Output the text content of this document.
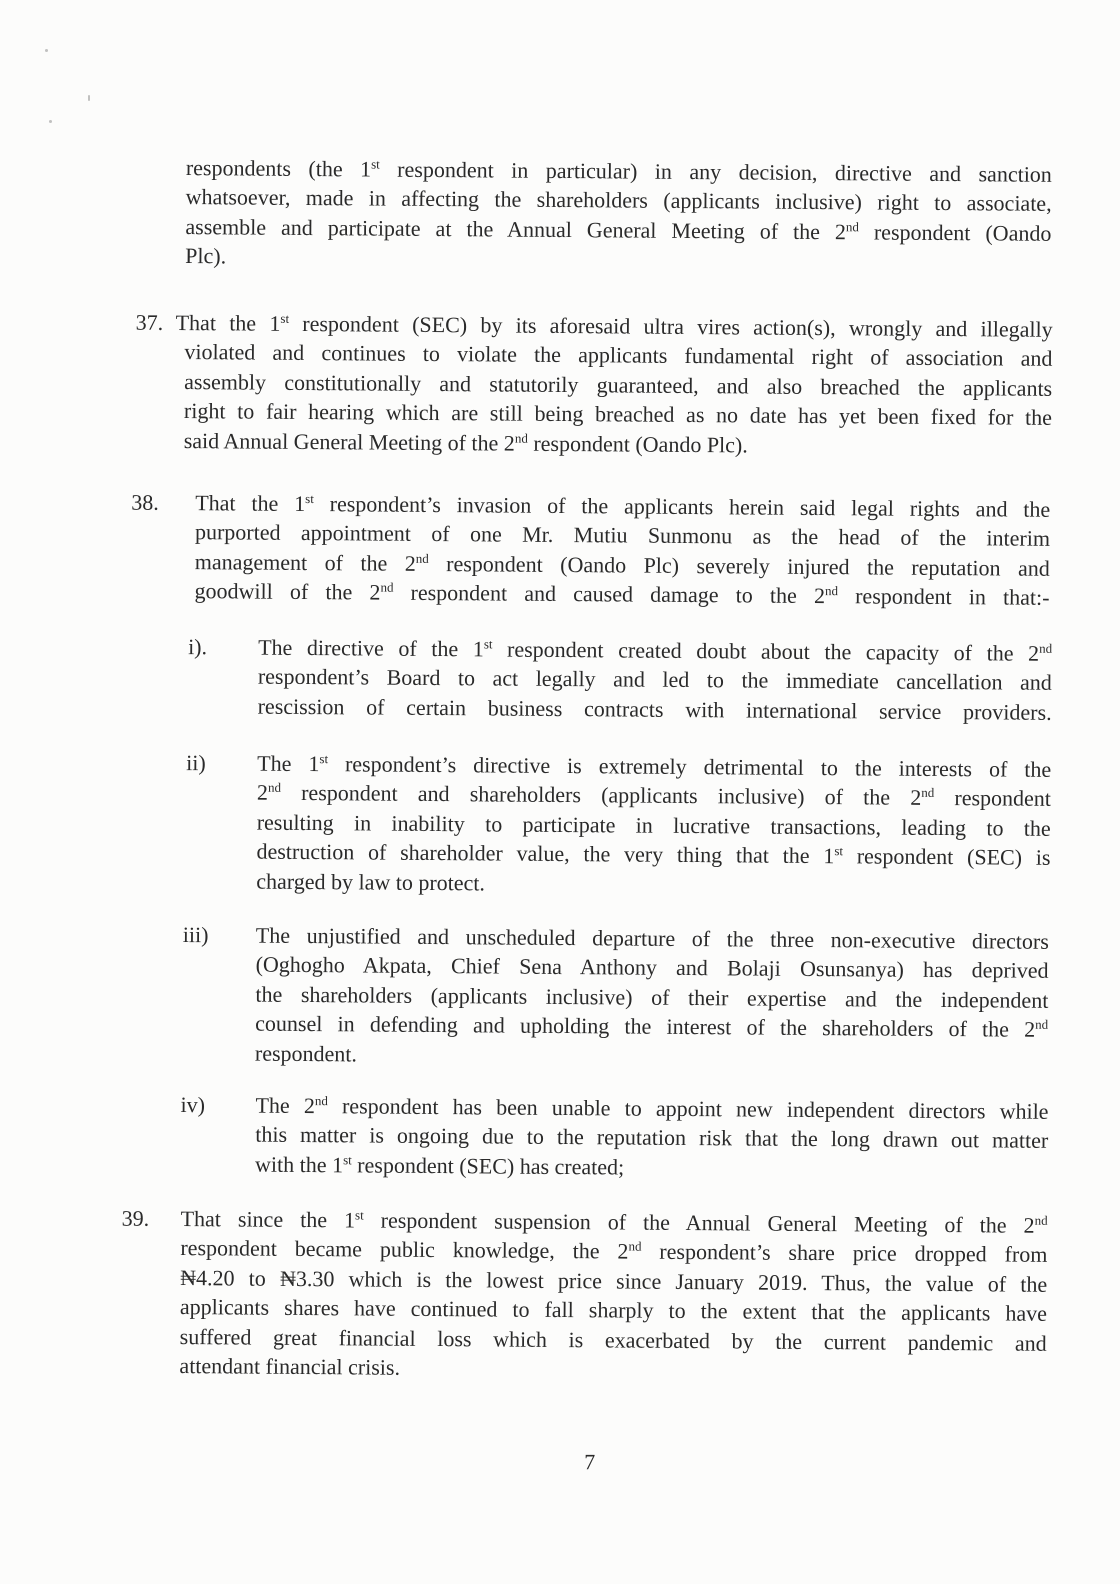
respondents (the 1st respondent in particular) in any decision, directive and sanction
whatsoever, made in affecting the shareholders (applicants inclusive) right to associate,
assemble and participate at the Annual General Meeting of the 2nd respondent (Oando
Plc).
37. That the 1st respondent (SEC) by its aforesaid ultra vires action(s), wrongly and illegally
violated and continues to violate the applicants fundamental right of association and
assembly constitutionally and statutorily guaranteed, and also breached the applicants
right to fair hearing which are still being breached as no date has yet been fixed for the
said Annual General Meeting of the 2nd respondent (Oando Plc).
38. That the 1st respondent’s invasion of the applicants herein said legal rights and the
purported appointment of one Mr. Mutiu Sunmonu as the head of the interim
management of the 2nd respondent (Oando Plc) severely injured the reputation and
goodwill of the 2nd respondent and caused damage to the 2nd respondent in that:-
i). The directive of the 1st respondent created doubt about the capacity of the 2nd
respondent’s Board to act legally and led to the immediate cancellation and
rescission of certain business contracts with international service providers.
ii) The 1st respondent’s directive is extremely detrimental to the interests of the
2nd respondent and shareholders (applicants inclusive) of the 2nd respondent
resulting in inability to participate in lucrative transactions, leading to the
destruction of shareholder value, the very thing that the 1st respondent (SEC) is
charged by law to protect.
iii) The unjustified and unscheduled departure of the three non-executive directors
(Oghogho Akpata, Chief Sena Anthony and Bolaji Osunsanya) has deprived
the shareholders (applicants inclusive) of their expertise and the independent
counsel in defending and upholding the interest of the shareholders of the 2nd
respondent.
iv) The 2nd respondent has been unable to appoint new independent directors while
this matter is ongoing due to the reputation risk that the long drawn out matter
with the 1st respondent (SEC) has created;
39. That since the 1st respondent suspension of the Annual General Meeting of the 2nd
respondent became public knowledge, the 2nd respondent’s share price dropped from
₦4.20 to ₦3.30 which is the lowest price since January 2019. Thus, the value of the
applicants shares have continued to fall sharply to the extent that the applicants have
suffered great financial loss which is exacerbated by the current pandemic and
attendant financial crisis.
7
